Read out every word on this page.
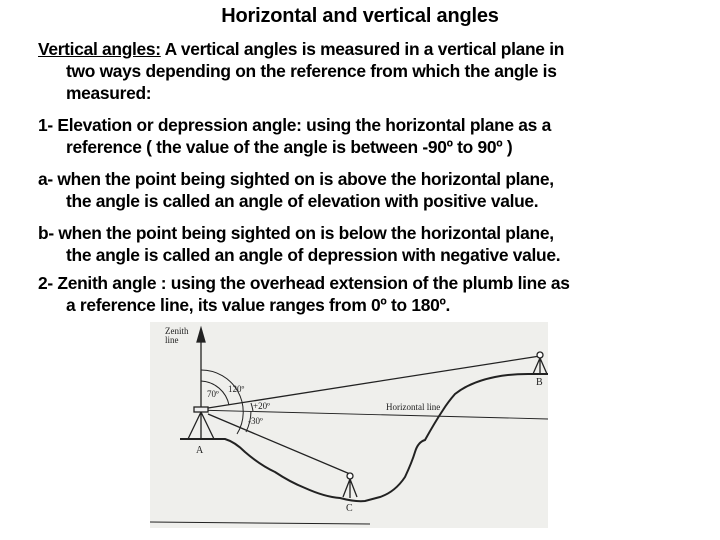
Horizontal and vertical angles
Vertical angles: A vertical angles is measured in a vertical plane in
two ways depending on the reference from which the angle is
measured:
1- Elevation or depression angle: using the horizontal plane as a
reference ( the value of the angle is between -90º to 90º )
a- when the point being sighted on is above the horizontal plane,
the angle is called an angle of elevation with positive value.
b- when the point being sighted on is below the horizontal plane,
the angle is called an angle of depression with negative value.
2- Zenith angle : using the overhead extension of the plumb line as
a reference line, its value ranges from 0º to 180º.
Zenith
line
70º 120º
+20º
-30º
Horizontal line
A
B
C
